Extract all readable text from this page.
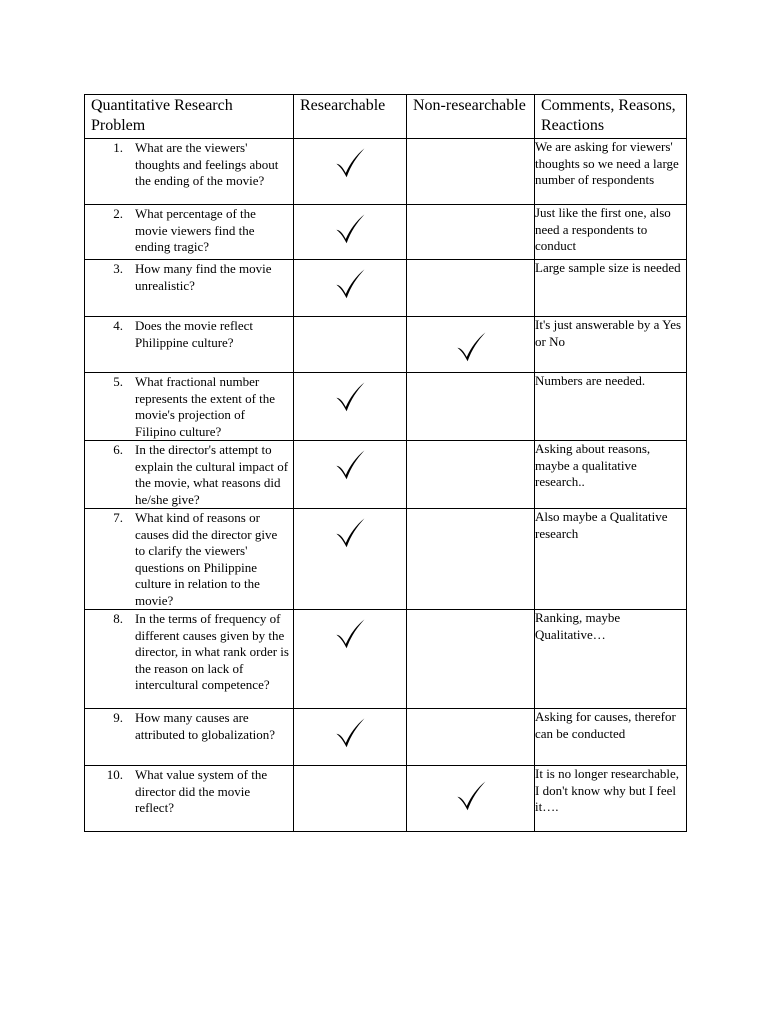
Quantitative Research Problem	Researchable	Non-researchable	Comments, Reasons, Reactions

1. What are the viewers' thoughts and feelings about the ending of the movie?			We are asking for viewers' thoughts so we need a large number of respondents

2. What percentage of the movie viewers find the ending tragic?			Just like the first one, also need a respondents to conduct

3. How many find the movie unrealistic?			Large sample size is needed

4. Does the movie reflect Philippine culture?			It's just answerable by a Yes or No

5. What fractional number represents the extent of the movie's projection of Filipino culture?			Numbers are needed.

6. In the director's attempt to explain the cultural impact of the movie, what reasons did he/she give?			Asking about reasons, maybe a qualitative research..

7. What kind of reasons or causes did the director give to clarify the viewers' questions on Philippine culture in relation to the movie?			Also maybe a Qualitative research

8. In the terms of frequency of different causes given by the director, in what rank order is the reason on lack of intercultural competence?			Ranking, maybe Qualitative…

9. How many causes are attributed to globalization?			Asking for causes, therefor can be conducted

10. What value system of the director did the movie reflect?			It is no longer researchable, I don't know why but I feel it….
